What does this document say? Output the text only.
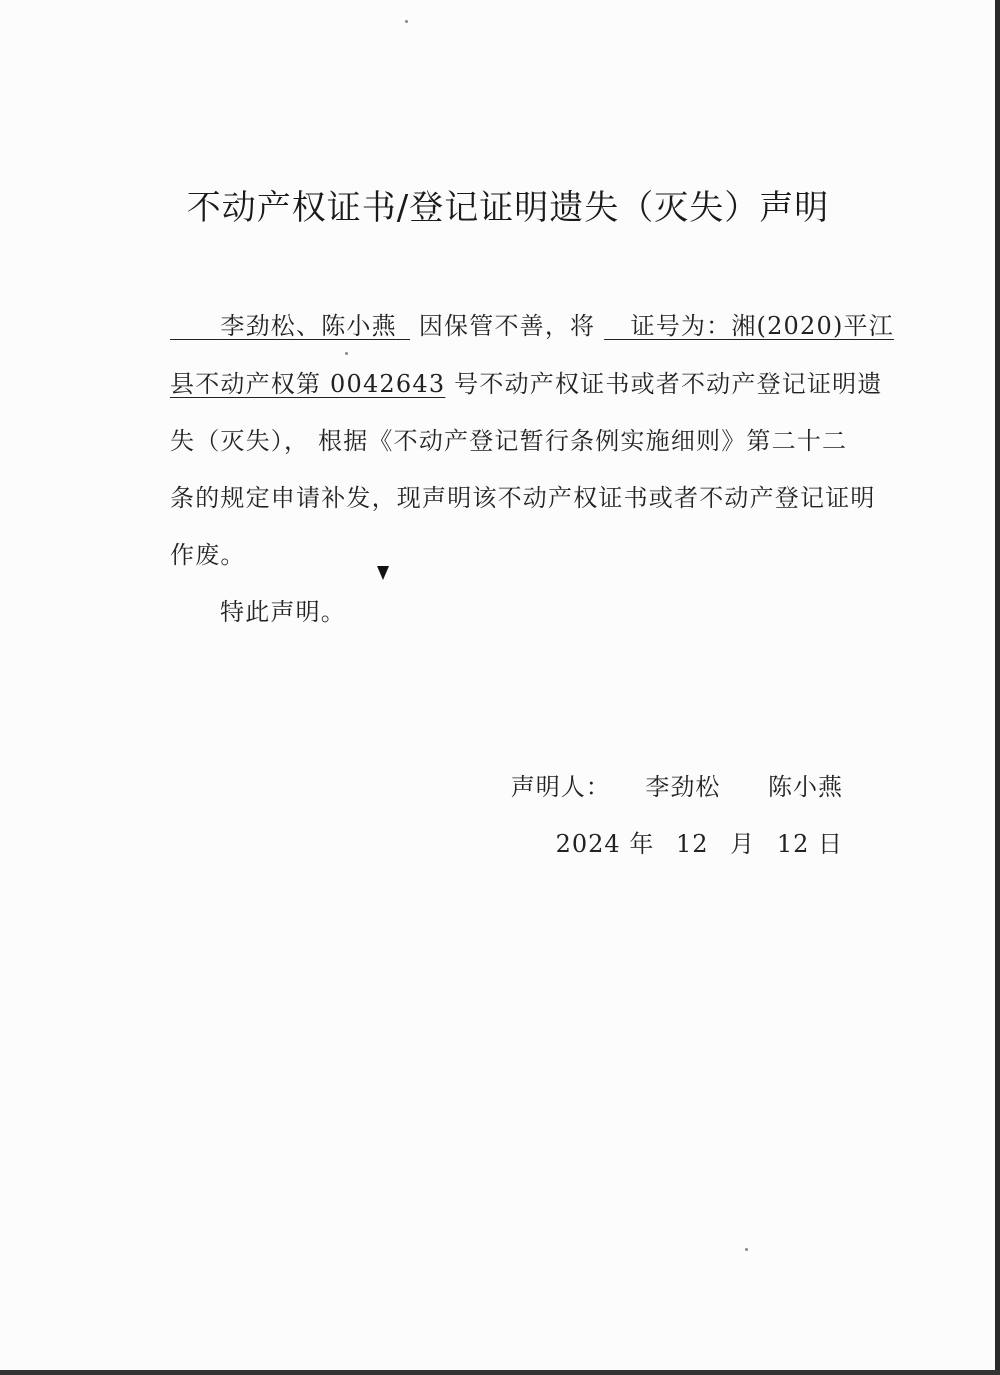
不动产权证书/登记证明遗失（灭失）声明
　　李劲松、陈小燕  因保管不善，将    证号为：湘(2020)平江
县不动产权第 0042643 号不动产权证书或者不动产登记证明遗
失（灭失）， 根据《不动产登记暂行条例实施细则》第二十二
条的规定申请补发，现声明该不动产权证书或者不动产登记证明
作废。
特此声明。
声明人：   李劲松    陈小燕
2024 年  12  月  12 日
